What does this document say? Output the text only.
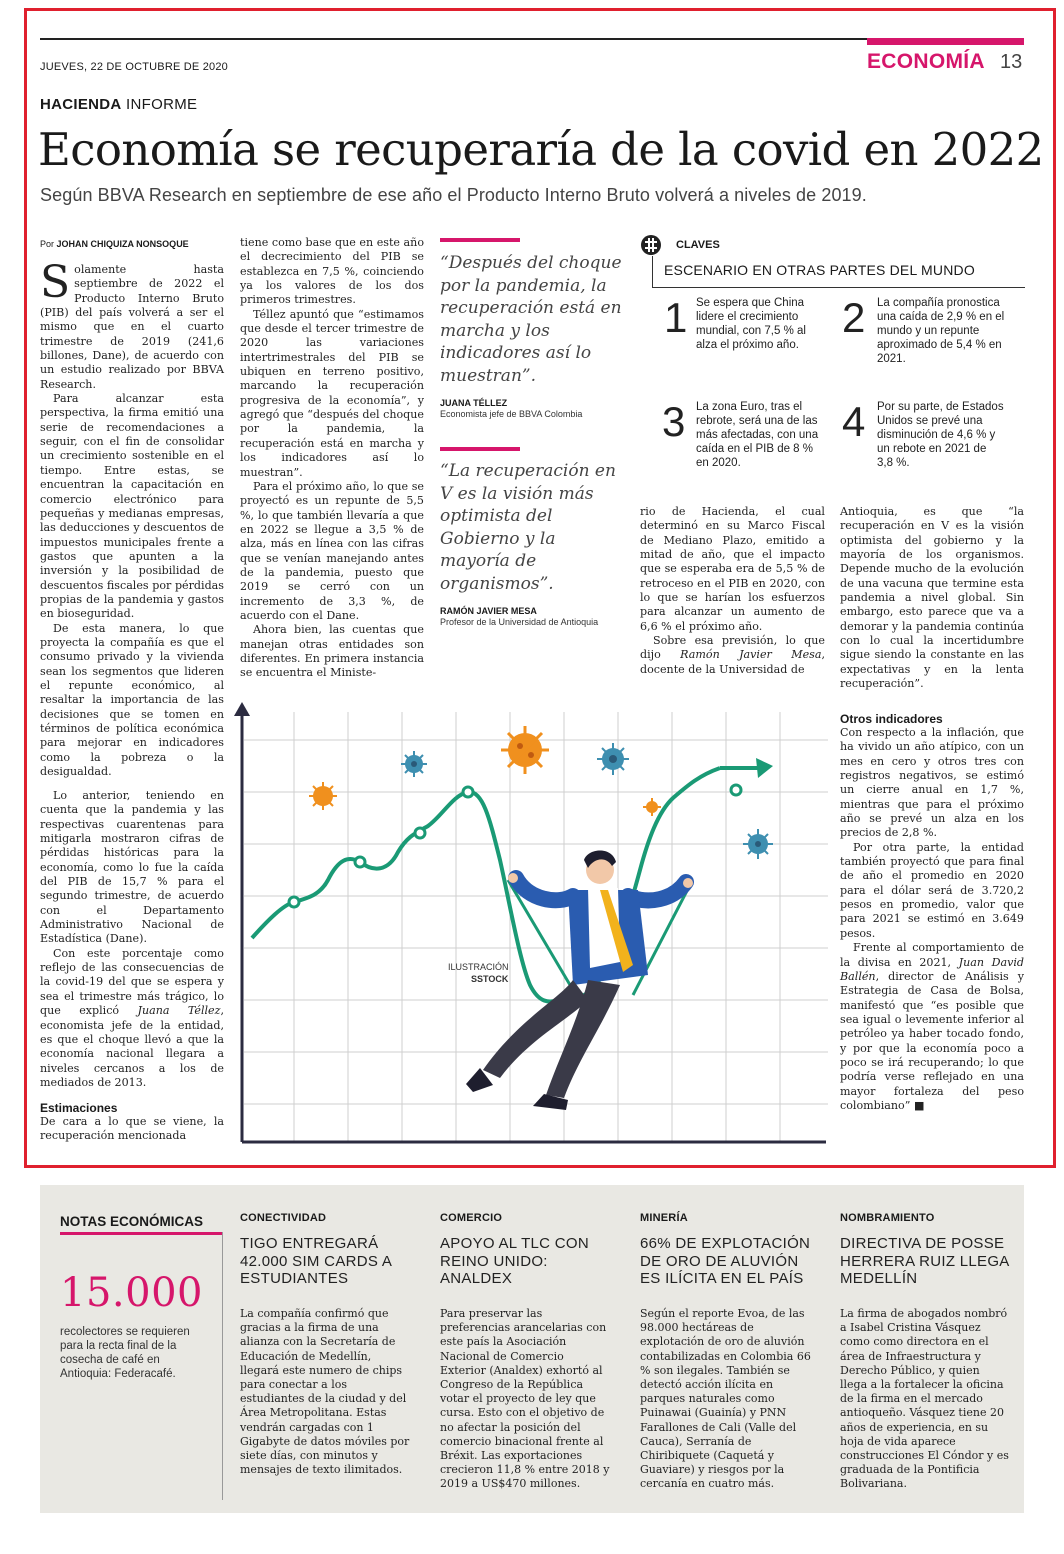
JUEVES, 22 DE OCTUBRE DE 2020	ECONOMÍA 13
HACIENDA INFORME
Economía se recuperaría de la covid en 2022
Según BBVA Research en septiembre de ese año el Producto Interno Bruto volverá a niveles de 2019.
Por JOHAN CHIQUIZA NONSOQUE
S olamente hasta septiembre de 2022 el Producto Interno Bruto (PIB) del país volverá a ser el mismo que en el cuarto trimestre de 2019 (241,6 billones, Dane), de acuerdo con un estudio realizado por BBVA Research.

Para alcanzar esta perspectiva, la firma emitió una serie de recomendaciones a seguir, con el fin de consolidar un crecimiento sostenible en el tiempo. Entre estas, se encuentran la capacitación en comercio electrónico para pequeñas y medianas empresas, las deducciones y descuentos de impuestos municipales frente a gastos que apunten a la inversión y la posibilidad de descuentos fiscales por pérdidas propias de la pandemia y gastos en bioseguridad.

De esta manera, lo que proyecta la compañía es que el consumo privado y la vivienda sean los segmentos que lideren el repunte económico, al resaltar la importancia de las decisiones que se tomen en términos de política económica para mejorar en indicadores como la pobreza o la desigualdad.

Lo anterior, teniendo en cuenta que la pandemia y las respectivas cuarentenas para mitigarla mostraron cifras de pérdidas históricas para la economía, como lo fue la caída del PIB de 15,7 % para el segundo trimestre, de acuerdo con el Departamento Administrativo Nacional de Estadística (Dane).

Con este porcentaje como reflejo de las consecuencias de la covid-19 del que se espera y sea el trimestre más trágico, lo que explicó Juana Téllez, economista jefe de la entidad, es que el choque llevó a que la economía nacional llegara a niveles cercanos a los de mediados de 2013.

Estimaciones

De cara a lo que se viene, la recuperación mencionada

tiene como base que en este año el decrecimiento del PIB se establezca en 7,5 %, coinciendo ya los valores de los dos primeros trimestres.

Téllez apuntó que “estimamos que desde el tercer trimestre de 2020 las variaciones intertrimestrales del PIB se ubiquen en terreno positivo, marcando la recuperación progresiva de la economía”, y agregó que “después del choque por la pandemia, la recuperación está en marcha y los indicadores así lo muestran”.

Para el próximo año, lo que se proyectó es un repunte de 5,5 %, lo que también llevaría a que en 2022 se llegue a 3,5 % de alza, más en línea con las cifras que se venían manejando antes de la pandemia, puesto que 2019 se cerró con un incremento de 3,3 %, de acuerdo con el Dane.

Ahora bien, las cuentas que manejan otras entidades son diferentes. En primera instancia se encuentra el Ministe-

“Después del choque por la pandemia, la recuperación está en marcha y los indicadores así lo muestran”.
JUANA TÉLLEZ
Economista jefe de BBVA Colombia
“La recuperación en V es la visión más optimista del Gobierno y la mayoría de organismos”.
RAMÓN JAVIER MESA
Profesor de la Universidad de Antioquia
CLAVES
ESCENARIO EN OTRAS PARTES DEL MUNDO
1 Se espera que China lidere el crecimiento mundial, con 7,5 % al alza el próximo año.
2 La compañía pronostica una caída de 2,9 % en el mundo y un repunte aproximado de 5,4 % en 2021.
3 La zona Euro, tras el rebrote, será una de las más afectadas, con una caída en el PIB de 8 % en 2020.
4 Por su parte, de Estados Unidos se prevé una disminución de 4,6 % y un rebote en 2021 de 3,8 %.

rio de Hacienda, el cual determinó en su Marco Fiscal de Mediano Plazo, emitido a mitad de año, que el impacto que se esperaba era de 5,5 % de retroceso en el PIB en 2020, con lo que se harían los esfuerzos para alcanzar un aumento de 6,6 % el próximo año.

Sobre esa previsión, lo que dijo Ramón Javier Mesa, docente de la Universidad de

Antioquia, es que “la recuperación en V es la visión optimista del gobierno y la mayoría de los organismos. Depende mucho de la evolución de una vacuna que termine esta pandemia a nivel global. Sin embargo, esto parece que va a demorar y la pandemia continúa con lo cual la incertidumbre sigue siendo la constante en las expectativas y en la lenta recuperación”.

Otros indicadores

Con respecto a la inflación, que ha vivido un año atípico, con un mes en cero y otros tres con registros negativos, se estimó un cierre anual en 1,7 %, mientras que para el próximo año se prevé un alza en los precios de 2,8 %.

Por otra parte, la entidad también proyectó que para final de año el promedio en 2020 para el dólar será de 3.720,2 pesos en promedio, valor que para 2021 se estimó en 3.649 pesos.

Frente al comportamiento de la divisa en 2021, Juan David Ballén, director de Análisis y Estrategia de Casa de Bolsa, manifestó que “es posible que sea igual o levemente inferior al petróleo ya haber tocado fondo, y por que la economía poco a poco se irá recuperando; lo que podría verse reflejado en una mayor fortaleza del peso colombiano” ■

ILUSTRACIÓN
SSTOCK
NOTAS ECONÓMICAS
15.000
recolectores se requieren para la recta final de la cosecha de café en Antioquia: Federacafé.
CONECTIVIDAD
TIGO ENTREGARÁ 42.000 SIM CARDS A ESTUDIANTES
La compañía confirmó que gracias a la firma de una alianza con la Secretaría de Educación de Medellín, llegará este numero de chips para conectar a los estudiantes de la ciudad y del Área Metropolitana. Estas vendrán cargadas con 1 Gigabyte de datos móviles por siete días, con minutos y mensajes de texto ilimitados.
COMERCIO
APOYO AL TLC CON REINO UNIDO: ANALDEX
Para preservar las preferencias arancelarias con este país la Asociación Nacional de Comercio Exterior (Analdex) exhortó al Congreso de la República votar el proyecto de ley que cursa. Esto con el objetivo de no afectar la posición del comercio binacional frente al Bréxit. Las exportaciones crecieron 11,8 % entre 2018 y 2019 a US$470 millones.
MINERÍA
66% DE EXPLOTACIÓN DE ORO DE ALUVIÓN ES ILÍCITA EN EL PAÍS
Según el reporte Evoa, de las 98.000 hectáreas de explotación de oro de aluvión contabilizadas en Colombia 66 % son ilegales. También se detectó acción ilícita en parques naturales como Puinawai (Guainía) y PNN Farallones de Cali (Valle del Cauca), Serranía de Chiribiquete (Caquetá y Guaviare) y riesgos por la cercanía en cuatro más.
NOMBRAMIENTO
DIRECTIVA DE POSSE HERRERA RUIZ LLEGA MEDELLÍN
La firma de abogados nombró a Isabel Cristina Vásquez como como directora en el área de Infraestructura y Derecho Público, y quien llega a la fortalecer la oficina de la firma en el mercado antioqueño. Vásquez tiene 20 años de experiencia, en su hoja de vida aparece construcciones El Cóndor y es graduada de la Pontificia Bolivariana.
